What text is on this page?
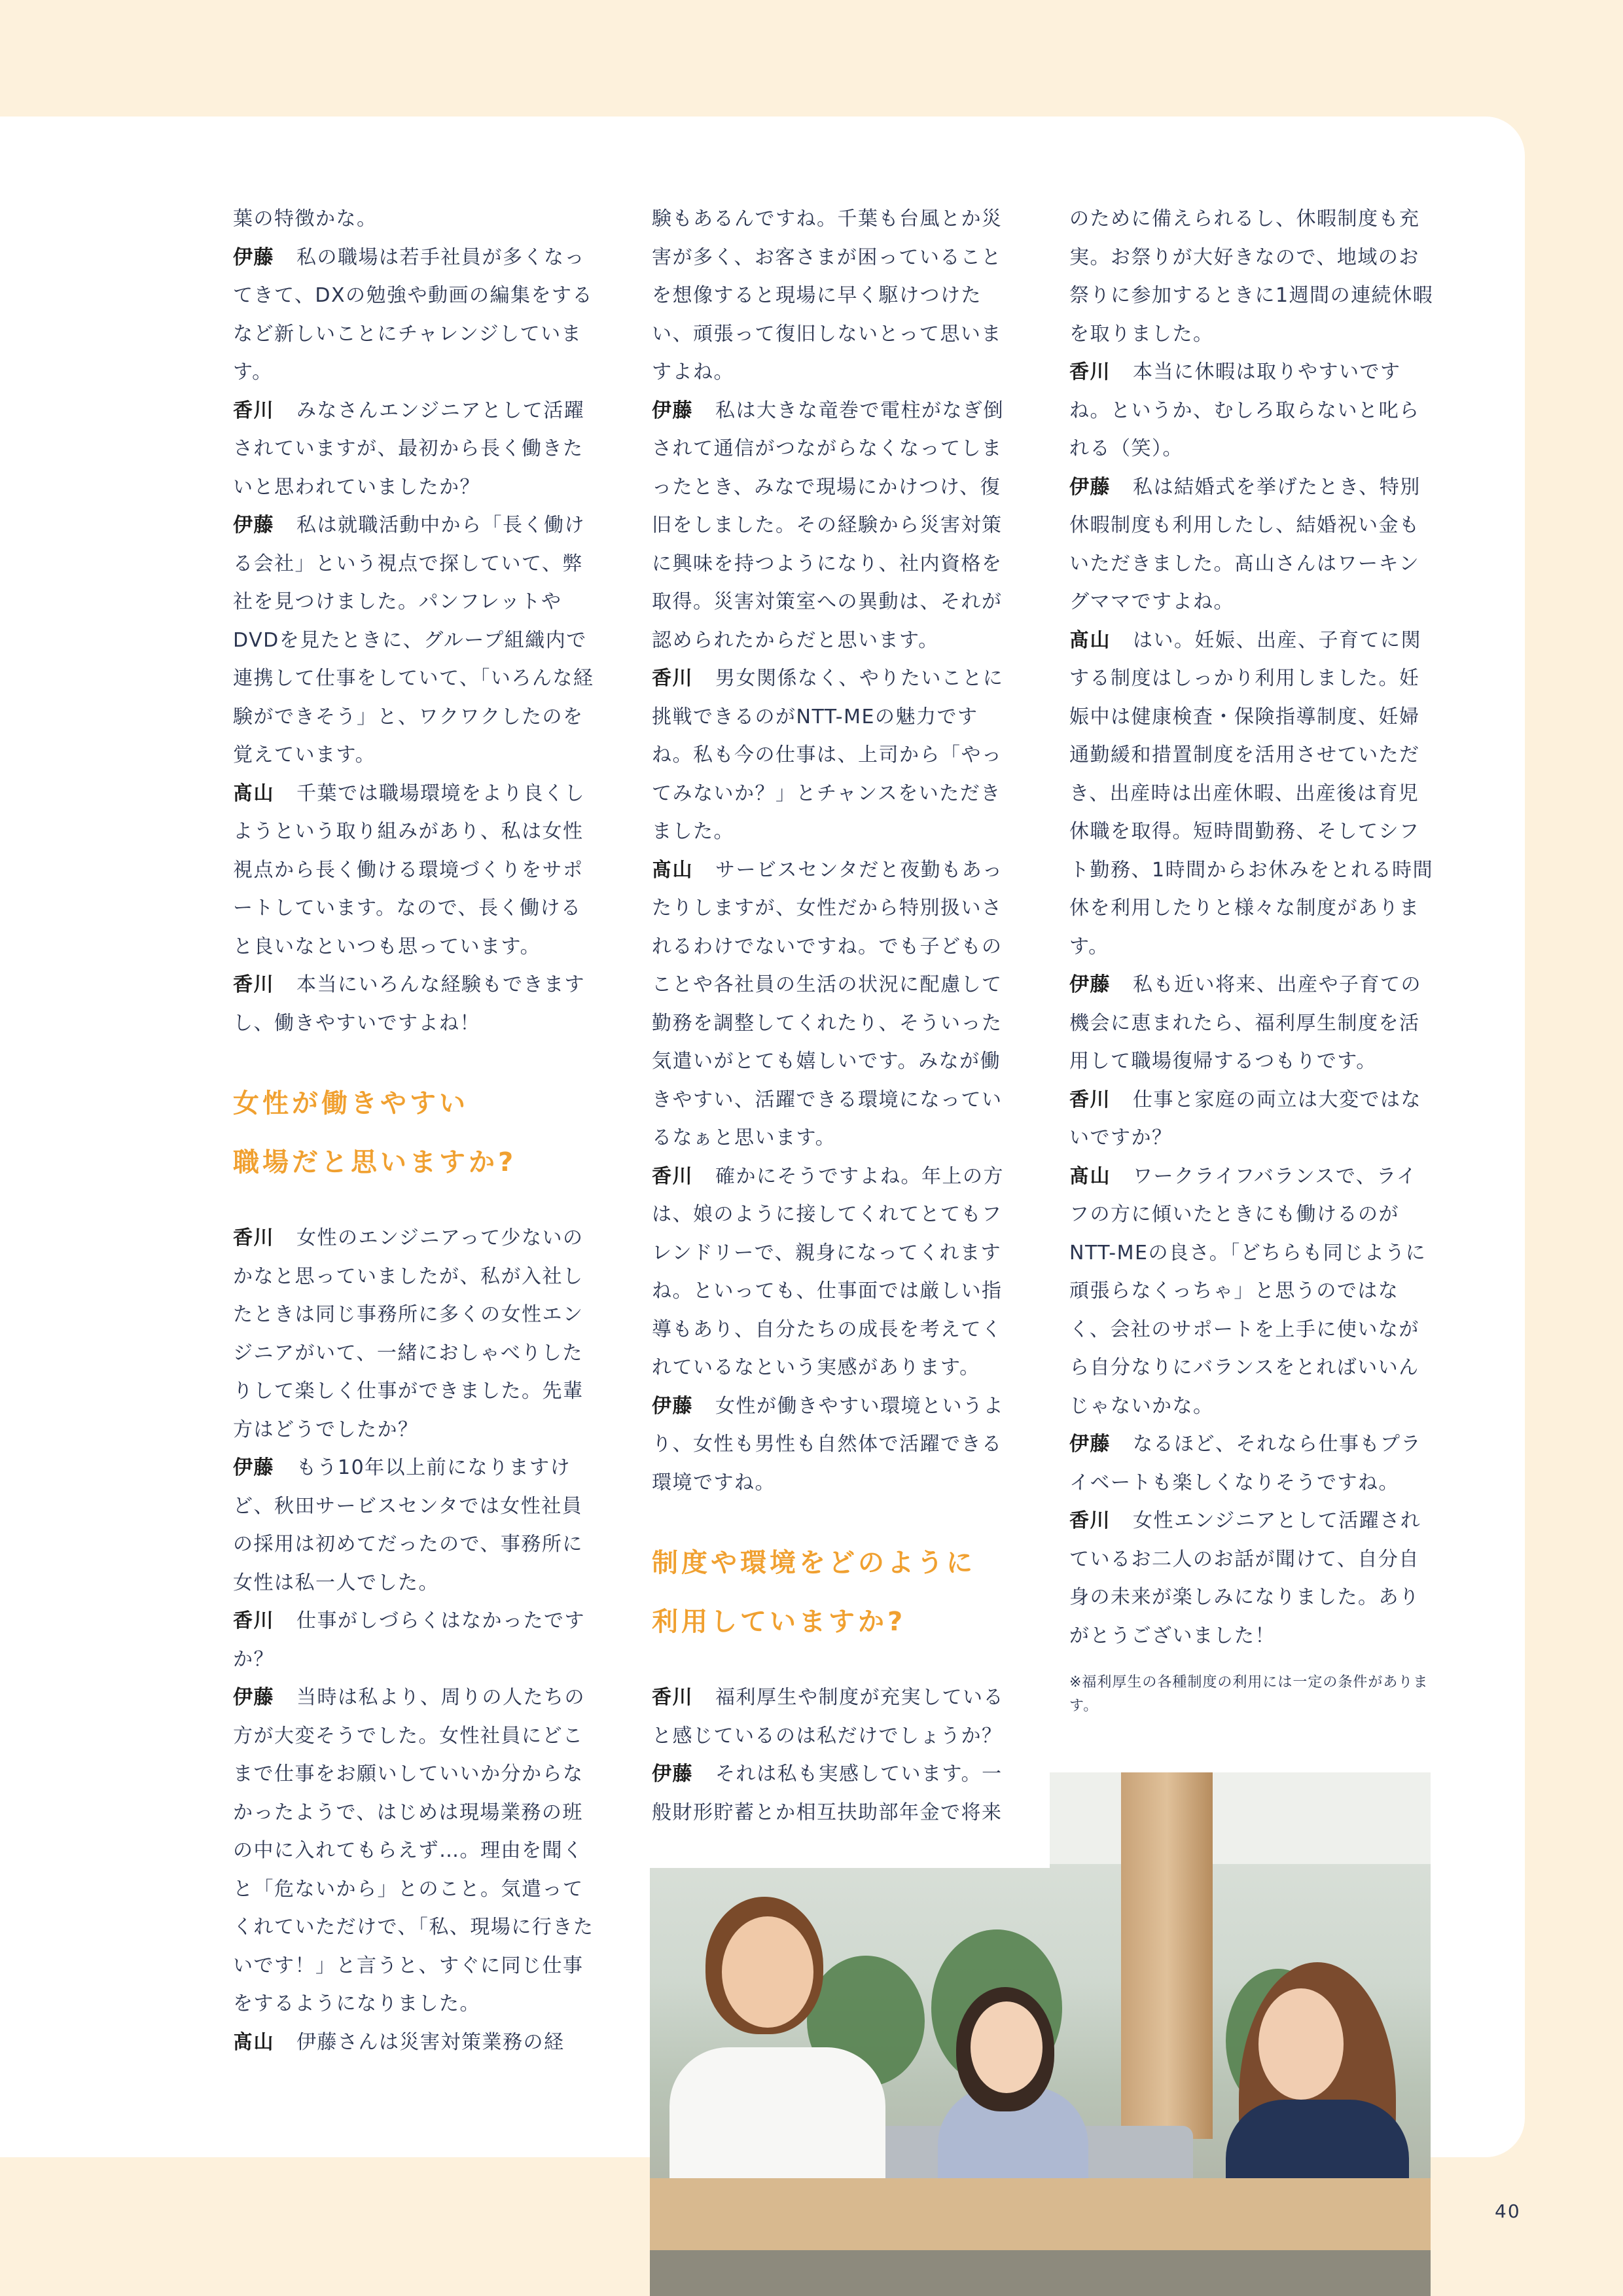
葉の特徴かな。

伊藤 私の職場は若手社員が多くなってきて、DXの勉強や動画の編集をするなど新しいことにチャレンジしています。

香川 みなさんエンジニアとして活躍されていますが、最初から長く働きたいと思われていましたか？

伊藤 私は就職活動中から「長く働ける会社」という視点で探していて、弊社を見つけました。パンフレットやDVDを見たときに、グループ組織内で連携して仕事をしていて、「いろんな経験ができそう」と、ワクワクしたのを覚えています。

髙山 千葉では職場環境をより良くしようという取り組みがあり、私は女性視点から長く働ける環境づくりをサポートしています。なので、長く働けると良いなといつも思っています。

香川 本当にいろんな経験もできますし、働きやすいですよね！

女性が働きやすい
職場だと思いますか?

香川 女性のエンジニアって少ないのかなと思っていましたが、私が入社したときは同じ事務所に多くの女性エンジニアがいて、一緒におしゃべりしたりして楽しく仕事ができました。先輩方はどうでしたか？

伊藤 もう10年以上前になりますけど、秋田サービスセンタでは女性社員の採用は初めてだったので、事務所に女性は私一人でした。

香川 仕事がしづらくはなかったですか？

伊藤 当時は私より、周りの人たちの方が大変そうでした。女性社員にどこまで仕事をお願いしていいか分からなかったようで、はじめは現場業務の班の中に入れてもらえず…。理由を聞くと「危ないから」とのこと。気遣ってくれていただけで、「私、現場に行きたいです！」と言うと、すぐに同じ仕事をするようになりました。

髙山 伊藤さんは災害対策業務の経

験もあるんですね。千葉も台風とか災害が多く、お客さまが困っていることを想像すると現場に早く駆けつけたい、頑張って復旧しないとって思いますよね。

伊藤 私は大きな竜巻で電柱がなぎ倒されて通信がつながらなくなってしまったとき、みなで現場にかけつけ、復旧をしました。その経験から災害対策に興味を持つようになり、社内資格を取得。災害対策室への異動は、それが認められたからだと思います。

香川 男女関係なく、やりたいことに挑戦できるのがNTT-MEの魅力ですね。私も今の仕事は、上司から「やってみないか？」とチャンスをいただきました。

髙山 サービスセンタだと夜勤もあったりしますが、女性だから特別扱いされるわけでないですね。でも子どものことや各社員の生活の状況に配慮して勤務を調整してくれたり、そういった気遣いがとても嬉しいです。みなが働きやすい、活躍できる環境になっているなぁと思います。

香川 確かにそうですよね。年上の方は、娘のように接してくれてとてもフレンドリーで、親身になってくれますね。といっても、仕事面では厳しい指導もあり、自分たちの成長を考えてくれているなという実感があります。

伊藤 女性が働きやすい環境というより、女性も男性も自然体で活躍できる環境ですね。

制度や環境をどのように
利用していますか?

香川 福利厚生や制度が充実していると感じているのは私だけでしょうか？

伊藤 それは私も実感しています。一般財形貯蓄とか相互扶助部年金で将来

のために備えられるし、休暇制度も充実。お祭りが大好きなので、地域のお祭りに参加するときに1週間の連続休暇を取りました。

香川 本当に休暇は取りやすいですね。というか、むしろ取らないと叱られる（笑）。

伊藤 私は結婚式を挙げたとき、特別休暇制度も利用したし、結婚祝い金もいただきました。髙山さんはワーキングママですよね。

髙山 はい。妊娠、出産、子育てに関する制度はしっかり利用しました。妊娠中は健康検査・保険指導制度、妊婦通勤緩和措置制度を活用させていただき、出産時は出産休暇、出産後は育児休職を取得。短時間勤務、そしてシフト勤務、1時間からお休みをとれる時間休を利用したりと様々な制度があります。

伊藤 私も近い将来、出産や子育ての機会に恵まれたら、福利厚生制度を活用して職場復帰するつもりです。

香川 仕事と家庭の両立は大変ではないですか？

髙山 ワークライフバランスで、ライフの方に傾いたときにも働けるのがNTT-MEの良さ。「どちらも同じように頑張らなくっちゃ」と思うのではなく、会社のサポートを上手に使いながら自分なりにバランスをとればいいんじゃないかな。

伊藤 なるほど、それなら仕事もプライベートも楽しくなりそうですね。

香川 女性エンジニアとして活躍されているお二人のお話が聞けて、自分自身の未来が楽しみになりました。ありがとうございました！

※福利厚生の各種制度の利用には一定の条件があります。

40
